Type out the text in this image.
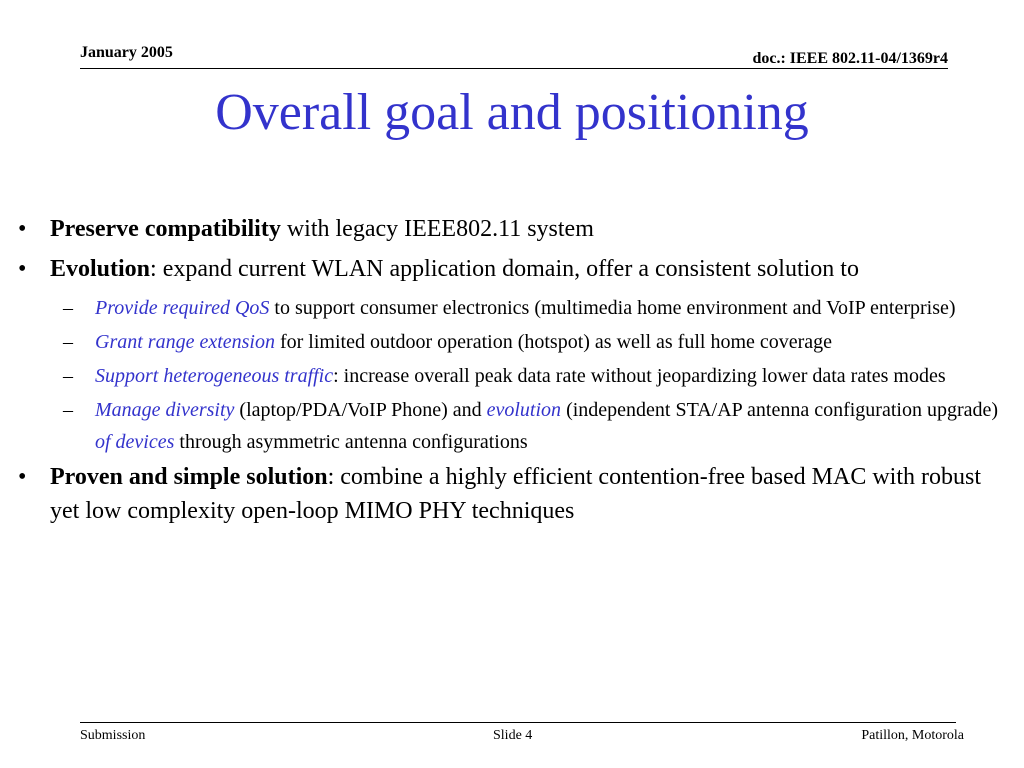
January 2005	doc.: IEEE 802.11-04/1369r4
Overall goal and positioning
• Preserve compatibility with legacy IEEE802.11 system
• Evolution: expand current WLAN application domain, offer a consistent solution to
– Provide required QoS to support consumer electronics (multimedia home environment and VoIP enterprise)
– Grant range extension for limited outdoor operation (hotspot) as well as full home coverage
– Support heterogeneous traffic: increase overall peak data rate without jeopardizing lower data rates modes
– Manage diversity (laptop/PDA/VoIP Phone) and evolution (independent STA/AP antenna configuration upgrade) of devices through asymmetric antenna configurations
• Proven and simple solution: combine a highly efficient contention-free based MAC with robust yet low complexity open-loop MIMO PHY techniques
Submission	Slide 4	Patillon, Motorola
